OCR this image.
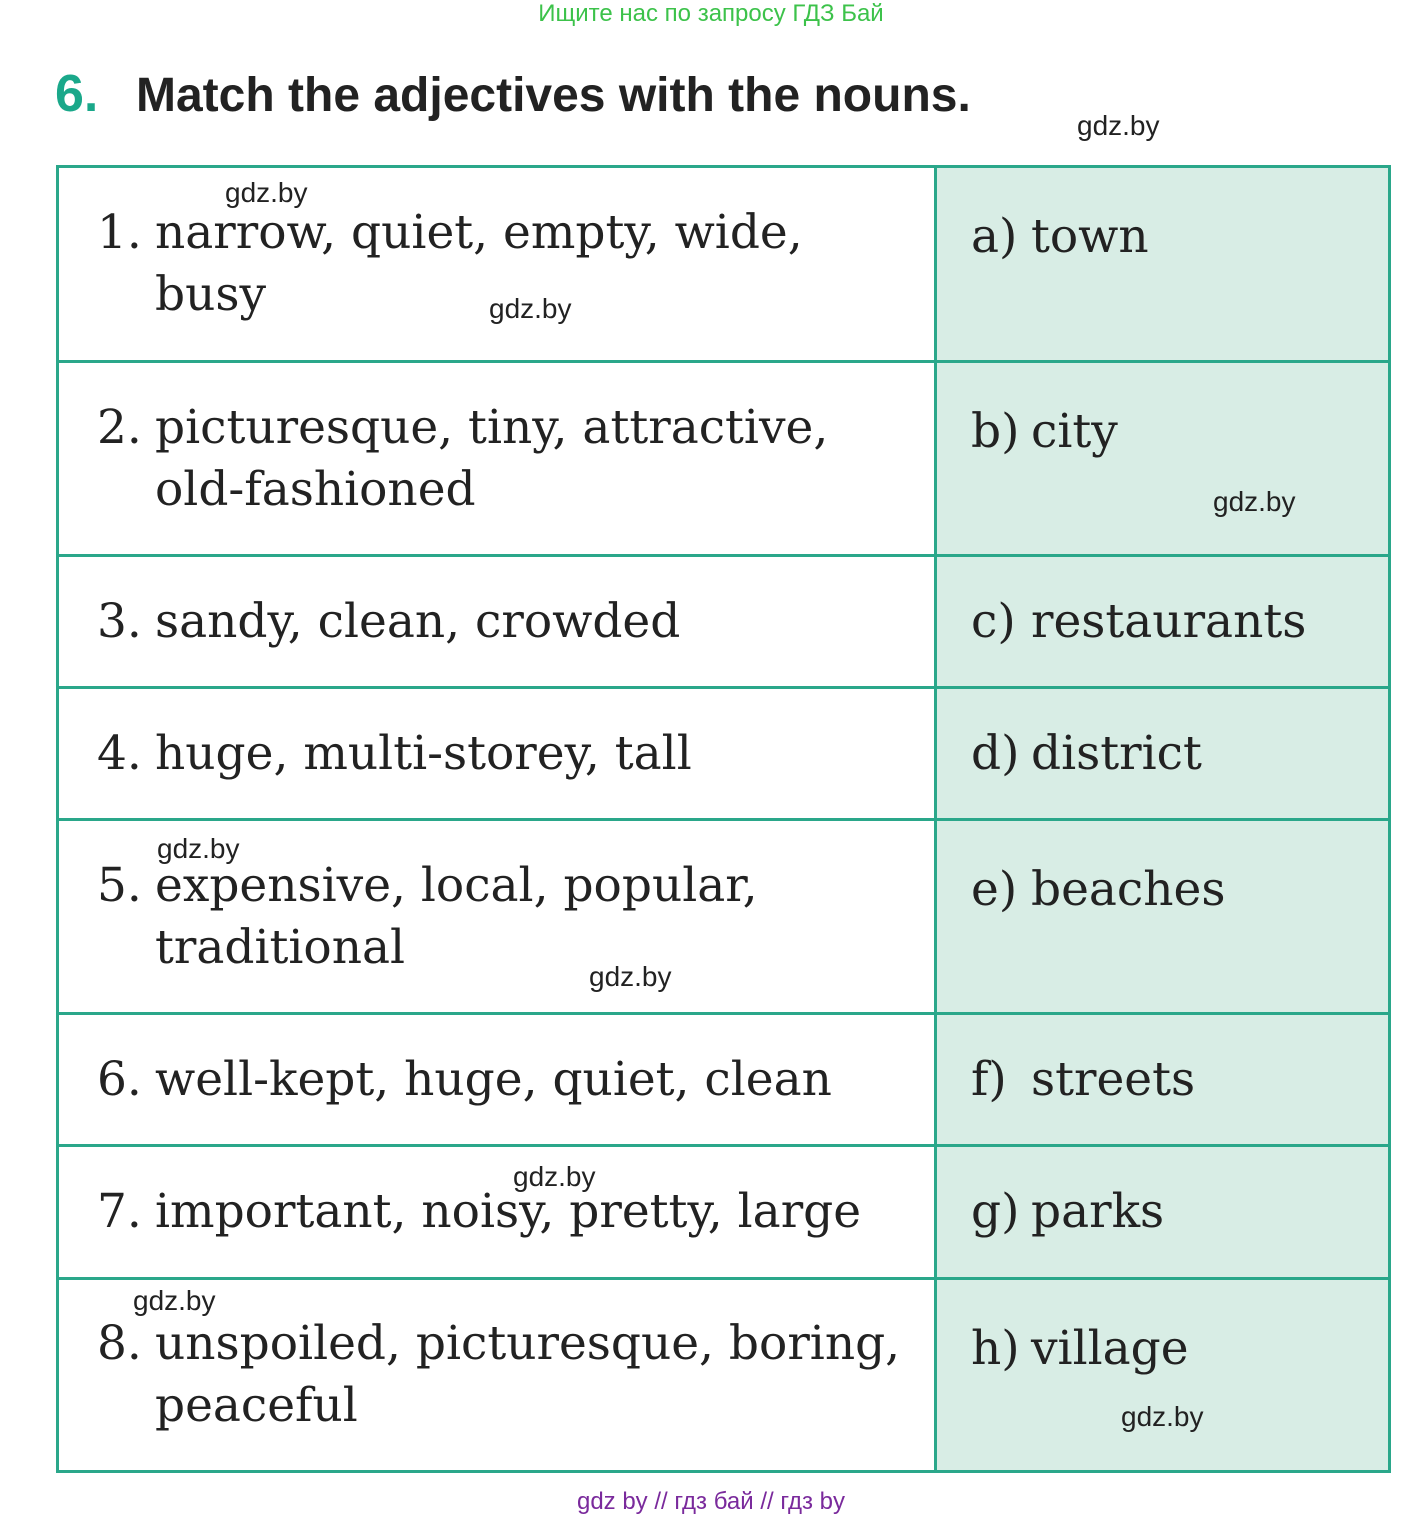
Ищите нас по запросу ГДЗ Бай
6. Match the adjectives with the nouns.
1. narrow, quiet, empty, wide, busy	a) town

2. picturesque, tiny, attractive, old-fashioned	b) city

3. sandy, clean, crowded	c) restaurants

4. huge, multi-storey, tall	d) district

5. expensive, local, popular, traditional	e) beaches

6. well-kept, huge, quiet, clean	f) streets

7. important, noisy, pretty, large	g) parks

8. unspoiled, picturesque, boring, peaceful	h) village
gdz.by
gdz.by
gdz.by
gdz.by
gdz.by
gdz.by
gdz.by
gdz.by
gdz.by
gdz by // гдз бай // гдз by
